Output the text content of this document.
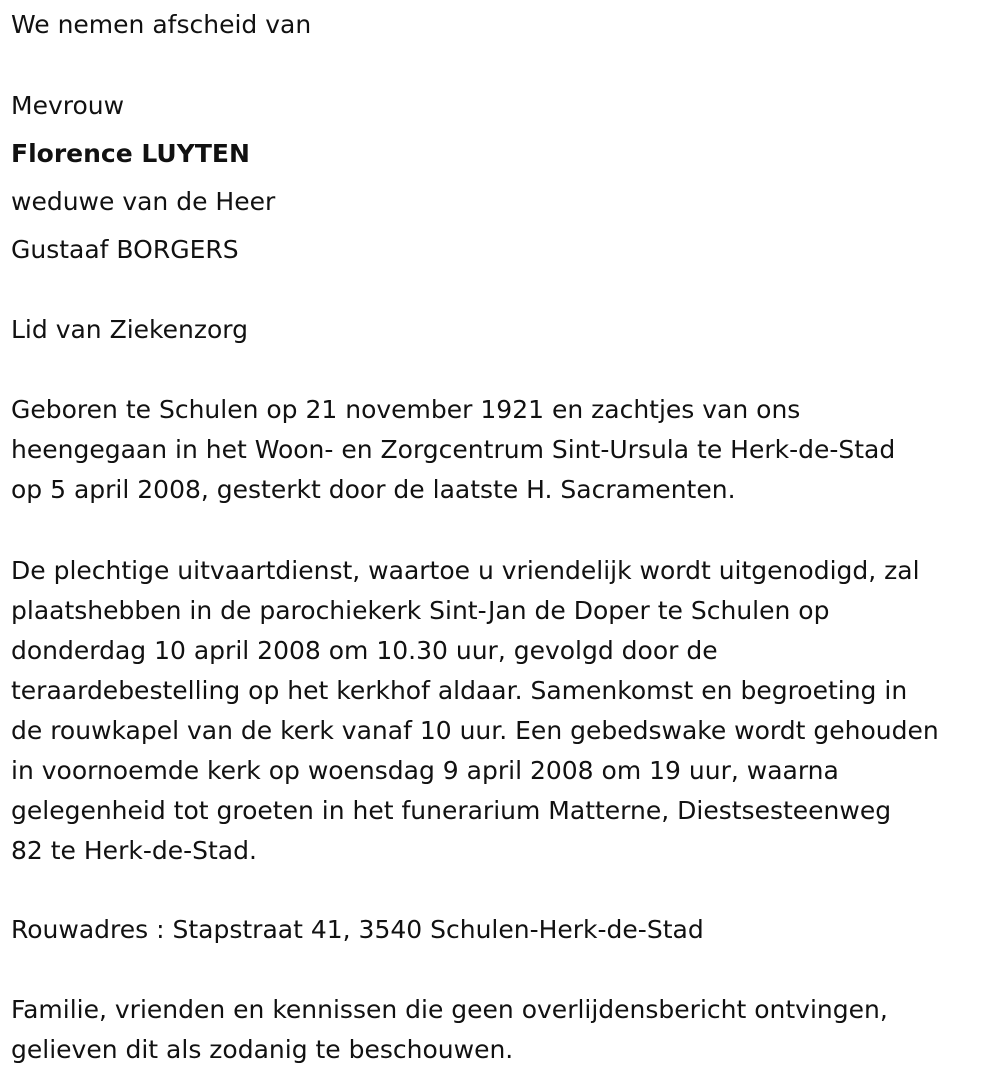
We nemen afscheid van
Mevrouw
Florence LUYTEN
weduwe van de Heer
Gustaaf BORGERS
Lid van Ziekenzorg
Geboren te Schulen op 21 november 1921 en zachtjes van ons
heengegaan in het Woon- en Zorgcentrum Sint-Ursula te Herk-de-Stad
op 5 april 2008, gesterkt door de laatste H. Sacramenten.
De plechtige uitvaartdienst, waartoe u vriendelijk wordt uitgenodigd, zal
plaatshebben in de parochiekerk Sint-Jan de Doper te Schulen op
donderdag 10 april 2008 om 10.30 uur, gevolgd door de
teraardebestelling op het kerkhof aldaar. Samenkomst en begroeting in
de rouwkapel van de kerk vanaf 10 uur. Een gebedswake wordt gehouden
in voornoemde kerk op woensdag 9 april 2008 om 19 uur, waarna
gelegenheid tot groeten in het funerarium Matterne, Diestsesteenweg
82 te Herk-de-Stad.
Rouwadres : Stapstraat 41, 3540 Schulen-Herk-de-Stad
Familie, vrienden en kennissen die geen overlijdensbericht ontvingen,
gelieven dit als zodanig te beschouwen.
